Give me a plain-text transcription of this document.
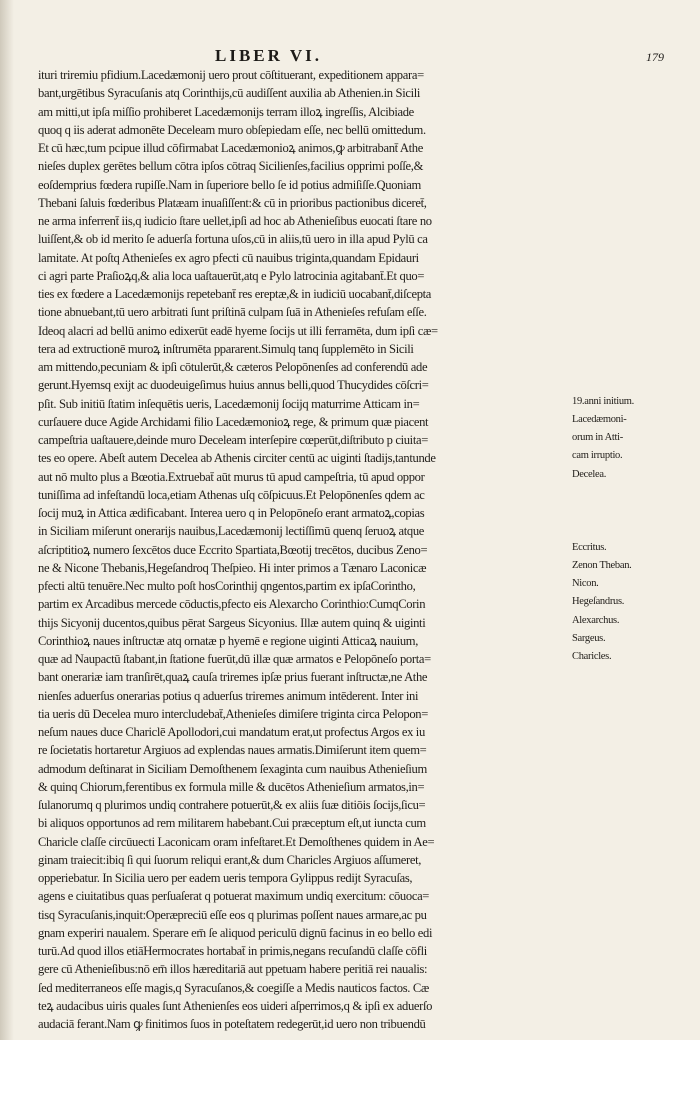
LIBER VI.	179
ituri triremiu pfidium.Lacedæmonij uero prout cōſtituerant, expeditionem appara=
bant,urgētibus Syracuſanis atq Corinthijs,cū audiſſent auxilia ab Athenien.in Sicili
am mitti,ut ipſa miſſio prohiberet Lacedæmonijs terram illoꝝ ingreſſis, Alcibiade
quoq q iis aderat admonēte Deceleam muro obſepiedam eſſe, nec bellū omittedum.
Et cū hæc,tum pcipue illud cōfirmabat Lacedæmonioꝝ animos,ꝙ arbitrabant̄ Athe
nieſes duplex gerētes bellum cōtra ipſos cōtraq Sicilienſes,facilius opprimi poſſe,&
eoſdemprius fœdera rupiſſe.Nam in ſuperiore bello ſe id potius admiſiſſe.Quoniam
Thebani ſaluis fœderibus Platæam inuaſiſſent:& cū in prioribus pactionibus diceret̄,
ne arma inferrent̄ iis,q iudicio ſtare uellet,ipſi ad hoc ab Athenieſibus euocati ſtare no
luiſſent,& ob id merito ſe aduerſa fortuna uſos,cū in aliis,tū uero in illa apud Pylū ca
lamitate. At poſtq Athenieſes ex agro pfecti cū nauibus triginta,quandam Epidauri
ci agri parte Praſioꝝq,& alia loca uaſtauerūt,atq e Pylo latrocinia agitabant̄.Et quo=
ties ex fœdere a Lacedæmonijs repetebant̄ res ereptæ,& in iudiciū uocabant̄,diſcepta
tione abnuebant,tū uero arbitrati ſunt priſtinā culpam ſuā in Athenieſes refuſam eſſe.
Ideoq alacri ad bellū animo edixerūt eadē hyeme ſocijs ut illi ferramēta, dum ipſi cæ=
tera ad extructionē muroꝝ inſtrumēta ppararent.Simulq tanq ſupplemēto in Sicili
am mittendo,pecuniam & ipſi cōtulerūt,& cæteros Pelopōnenſes ad conferendū ade
gerunt.Hyemsq exijt ac duodeuigeſimus huius annus belli,quod Thucydides cōſcri=
pſit. Sub initiū ſtatim inſequētis ueris, Lacedæmonij ſocijq maturrime Atticam in=
curſauere duce Agide Archidami filio Lacedæmonioꝝ rege, & primum quæ piacent
campeſtria uaſtauere,deinde muro Deceleam interſepire cœperūt,diſtributo p ciuita=
tes eo opere. Abeſt autem Decelea ab Athenis circiter centū ac uiginti ſtadijs,tantunde
aut nō multo plus a Bœotia.Extruebat̄ aūt murus tū apud campeſtria, tū apud oppor
tuniſſima ad infeſtandū loca,etiam Athenas uſq cōſpicuus.Et Pelopōnenſes qdem ac
ſocij muꝝ in Attica ædificabant. Interea uero q in Pelopōneſo erant armatoꝝ,copias
in Siciliam miſerunt onerarijs nauibus,Lacedæmonij lectiſſimū quenq ſeruoꝝ atque
aſcriptitioꝝ numero ſexcētos duce Eccrito Spartiata,Bœotij trecētos, ducibus Zeno=
ne & Nicone Thebanis,Hegeſandroq Theſpieo. Hi inter primos a Tænaro Laconicæ
pfecti altū tenuēre.Nec multo poſt hosCorinthij qngentos,partim ex ipſaCorintho,
partim ex Arcadibus mercede cōductis,pfecto eis Alexarcho Corinthio:CumqCorin
thijs Sicyonij ducentos,quibus pērat Sargeus Sicyonius. Illæ autem quinq & uiginti
Corinthioꝝ naues inſtructæ atq ornatæ p hyemē e regione uiginti Atticaꝝ nauium,
quæ ad Naupactū ſtabant,in ſtatione fuerūt,dū illæ quæ armatos e Pelopōneſo porta=
bant onerariæ iam tranſirēt,quaꝝ cauſa triremes ipſæ prius fuerant inſtructæ,ne Athe
nienſes aduerſus onerarias potius q aduerſus triremes animum intēderent. Inter ini
tia ueris dū Decelea muro intercludebat̄,Athenieſes dimiſere triginta circa Pelopon=
neſum naues duce Chariclē Apollodori,cui mandatum erat,ut profectus Argos ex iu
re ſocietatis hortaretur Argiuos ad explendas naues armatis.Dimiſerunt item quem=
admodum deſtinarat in Siciliam Demoſthenem ſexaginta cum nauibus Athenieſium
& quinq Chiorum,ferentibus ex formula mille & ducētos Athenieſium armatos,in=
ſulanorumq q plurimos undiq contrahere potuerūt,& ex aliis ſuæ ditiōis ſocijs,ſicu=
bi aliquos opportunos ad rem militarem habebant.Cui præceptum eſt,ut iuncta cum
Charicle claſſe circūuecti Laconicam oram infeſtaret.Et Demoſthenes quidem in Ae=
ginam traiecit:ibiq ſi qui ſuorum reliqui erant,& dum Charicles Argiuos aſſumeret,
opperiebatur. In Sicilia uero per eadem ueris tempora Gylippus redijt Syracuſas,
agens e ciuitatibus quas perſuaſerat q potuerat maximum undiq exercitum: cōuoca=
tisq Syracuſanis,inquit:Operæpreciū eſſe eos q plurimas poſſent naues armare,ac pu
gnam experiri naualem. Sperare em̄ ſe aliquod periculū dignū facinus in eo bello edi
turū.Ad quod illos etiāHermocrates hortabat̄ in primis,negans recuſandū claſſe cōfli
gere cū Athenieſibus:nō em̄ illos hæreditariā aut ppetuam habere peritiā rei naualis:
ſed mediterraneos eſſe magis,q Syracuſanos,& coegiſſe a Medis nauticos factos. Cæ
teꝝ audacibus uiris quales ſunt Athenienſes eos uideri aſperrimos,q & ipſi ex aduerſo
audaciā ferant.Nam ꝙ finitimos ſuos in poteſtatem redegerūt,id uero non tribuendū
19.anni initium.
Lacedæmoni-
orum in Atti-
cam irruptio.
Decelea.
Eccritus.
Zenon Theban.
Nicon.
Hegeſandrus.
Alexarchus.
Sargeus.
Charicles.
